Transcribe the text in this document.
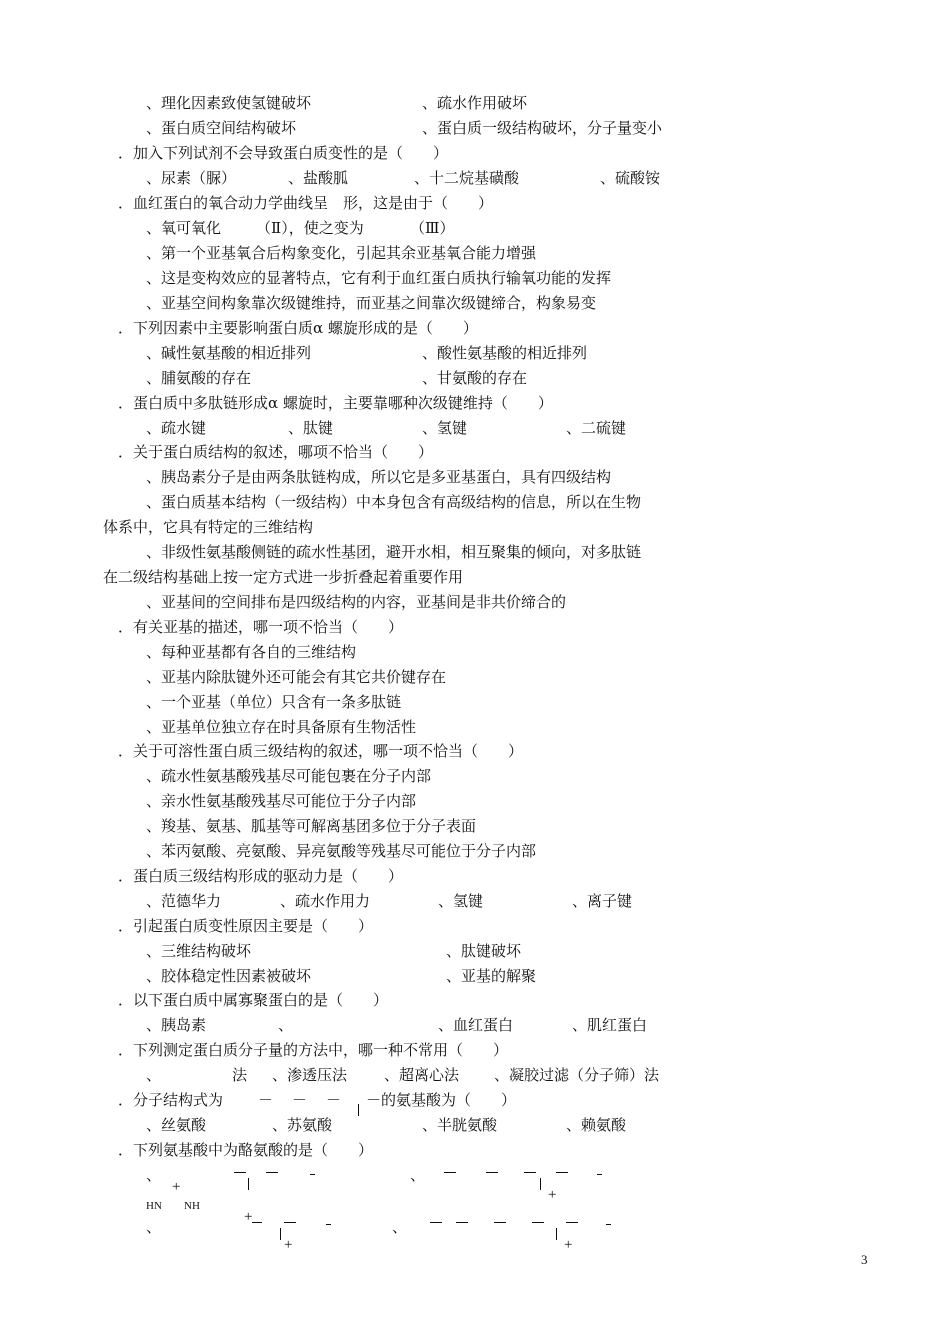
、理化因素致使氢键破坏	、疏水作用破坏
、蛋白质空间结构破坏	、蛋白质一级结构破坏，分子量变小
．加入下列试剂不会导致蛋白质变性的是（　　）
、尿素（脲）	、盐酸胍	、十二烷基磺酸	、硫酸铵
．血红蛋白的氧合动力学曲线呈　形，这是由于（　　）
、氧可氧化 （Ⅱ），使之变为	（Ⅲ）
、第一个亚基氧合后构象变化，引起其余亚基氧合能力增强
、这是变构效应的显著特点，它有利于血红蛋白质执行输氧功能的发挥
、亚基空间构象靠次级键维持，而亚基之间靠次级键缔合，构象易变
．下列因素中主要影响蛋白质α 螺旋形成的是（　　）
、碱性氨基酸的相近排列	、酸性氨基酸的相近排列
、脯氨酸的存在	、甘氨酸的存在
．蛋白质中多肽链形成α 螺旋时，主要靠哪种次级键维持（　　）
、疏水键	、肽键	、氢键	、二硫键
．关于蛋白质结构的叙述，哪项不恰当（　　）
、胰岛素分子是由两条肽链构成，所以它是多亚基蛋白，具有四级结构
、蛋白质基本结构（一级结构）中本身包含有高级结构的信息，所以在生物
体系中，它具有特定的三维结构
、非级性氨基酸侧链的疏水性基团，避开水相，相互聚集的倾向，对多肽链
在二级结构基础上按一定方式进一步折叠起着重要作用
、亚基间的空间排布是四级结构的内容，亚基间是非共价缔合的
．有关亚基的描述，哪一项不恰当（　　）
、每种亚基都有各自的三维结构
、亚基内除肽键外还可能会有其它共价键存在
、一个亚基（单位）只含有一条多肽链
、亚基单位独立存在时具备原有生物活性
．关于可溶性蛋白质三级结构的叙述，哪一项不恰当（　　）
、疏水性氨基酸残基尽可能包裹在分子内部
、亲水性氨基酸残基尽可能位于分子内部
、羧基、氨基、胍基等可解离基团多位于分子表面
、苯丙氨酸、亮氨酸、异亮氨酸等残基尽可能位于分子内部
．蛋白质三级结构形成的驱动力是（　　）
、范德华力	、疏水作用力	、氢键	、离子键
．引起蛋白质变性原因主要是（　　）
、三维结构破坏	、肽键破坏
、胶体稳定性因素被破坏	、亚基的解聚
．以下蛋白质中属寡聚蛋白的是（　　）
、胰岛素	、	、血红蛋白	、肌红蛋白
．下列测定蛋白质分子量的方法中，哪一种不常用（　　）
、	法 、渗透压法 、超离心法 、凝胶过滤（分子筛）法
．分子结构式为 － － － －的氨基酸为（　　）
、丝氨酸	、苏氨酸	、半胱氨酸	、赖氨酸
．下列氨基酸中为酪氨酸的是（　　）
、
+
HN NH
、
+
、
+
+
、
+
3
